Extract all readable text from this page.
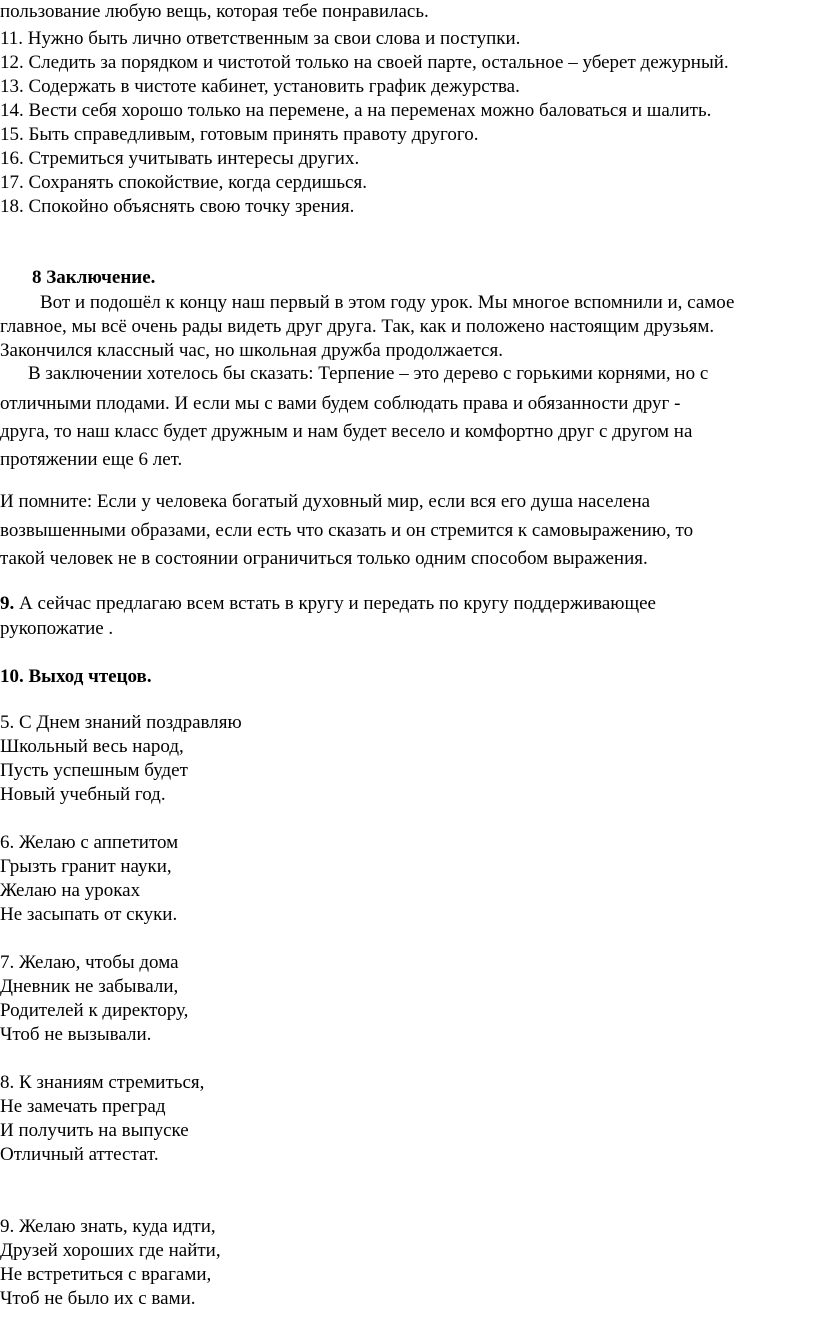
пользование любую вещь, которая тебе понравилась.
11. Нужно быть лично ответственным за свои слова и поступки.
12. Следить за порядком и чистотой только на своей парте, остальное – уберет дежурный.
13. Содержать в чистоте кабинет, установить график дежурства.
14. Вести себя хорошо только на перемене, а на переменах можно баловаться и шалить.
15. Быть справедливым, готовым принять правоту другого.
16. Стремиться учитывать интересы других.
17. Сохранять спокойствие, когда сердишься.
18. Спокойно объяснять свою точку зрения.
8 Заключение.
Вот и подошёл к концу наш первый в этом году урок. Мы многое вспомнили и, самое
главное, мы всё очень рады видеть друг друга. Так, как и положено настоящим друзьям.
Закончился классный час, но школьная дружба продолжается.
В заключении хотелось бы сказать: Терпение – это дерево с горькими корнями, но с
отличными плодами. И если мы с вами будем соблюдать права и обязанности друг -
друга, то наш класс будет дружным и нам будет весело и комфортно друг с другом на
протяжении еще 6 лет.
И помните: Если у человека богатый духовный мир, если вся его душа населена
возвышенными образами, если есть что сказать и он стремится к самовыражению, то
такой человек не в состоянии ограничиться только одним способом выражения.
9. А сейчас предлагаю всем встать в кругу и передать по кругу поддерживающее
рукопожатие .
10. Выход чтецов.
5. С Днем знаний поздравляю
Школьный весь народ,
Пусть успешным будет
Новый учебный год.
6. Желаю с аппетитом
Грызть гранит науки,
Желаю на уроках
Не засыпать от скуки.
7. Желаю, чтобы дома
Дневник не забывали,
Родителей к директору,
Чтоб не вызывали.
8. К знаниям стремиться,
Не замечать преград
И получить на выпуске
Отличный аттестат.
9. Желаю знать, куда идти,
Друзей хороших где найти,
Не встретиться с врагами,
Чтоб не было их с вами.
